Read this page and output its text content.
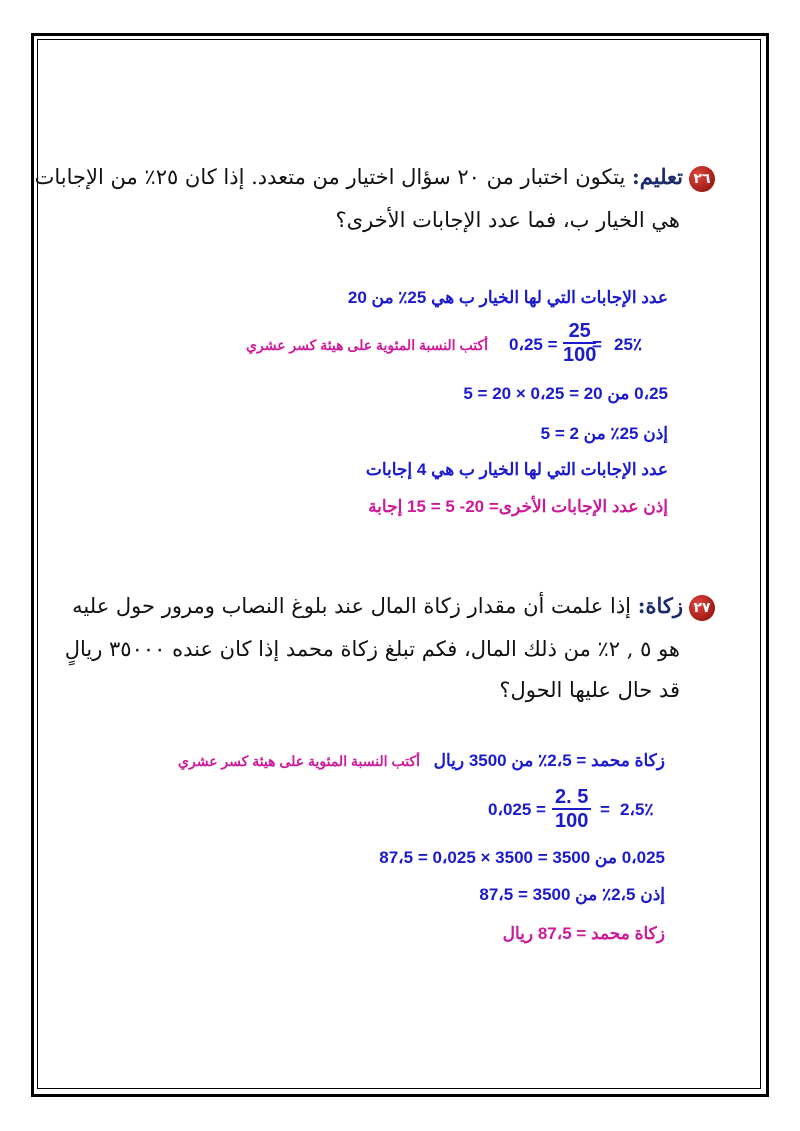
٢٦تعليم: يتكون اختبار من ٢٠ سؤال اختيار من متعدد. إذا كان ٢٥٪ من الإجابات
هي الخيار ب، فما عدد الإجابات الأخرى؟
عدد الإجابات التي لها الخيار ب هي 25٪ من 20
25٪
=
$\frac{25}{100}$
0،25 =
أكتب النسبة المئوية على هيئة كسر عشري
0،25 من 20 = 0،25 × 20 = 5
إذن 25٪ من 2 = 5
عدد الإجابات التي لها الخيار ب هي 4 إجابات
إذن عدد الإجابات الأخرى= 20- 5 = 15 إجابة
٢٧زكاة: إذا علمت أن مقدار زكاة المال عند بلوغ النصاب ومرور حول عليه
هو ٥ , ٢٪ من ذلك المال، فكم تبلغ زكاة محمد إذا كان عنده ٣٥٠٠٠ ريالٍ
قد حال عليها الحول؟
زكاة محمد = 2،5٪ من 3500 ريال
أكتب النسبة المئوية على هيئة كسر عشري
2،5٪
=
$\frac{2. 5}{100}$
0،025 =
0،025 من 3500 = 3500 × 0،025 = 87،5
إذن 2،5٪ من 3500 = 87،5
زكاة محمد = 87،5 ريال
